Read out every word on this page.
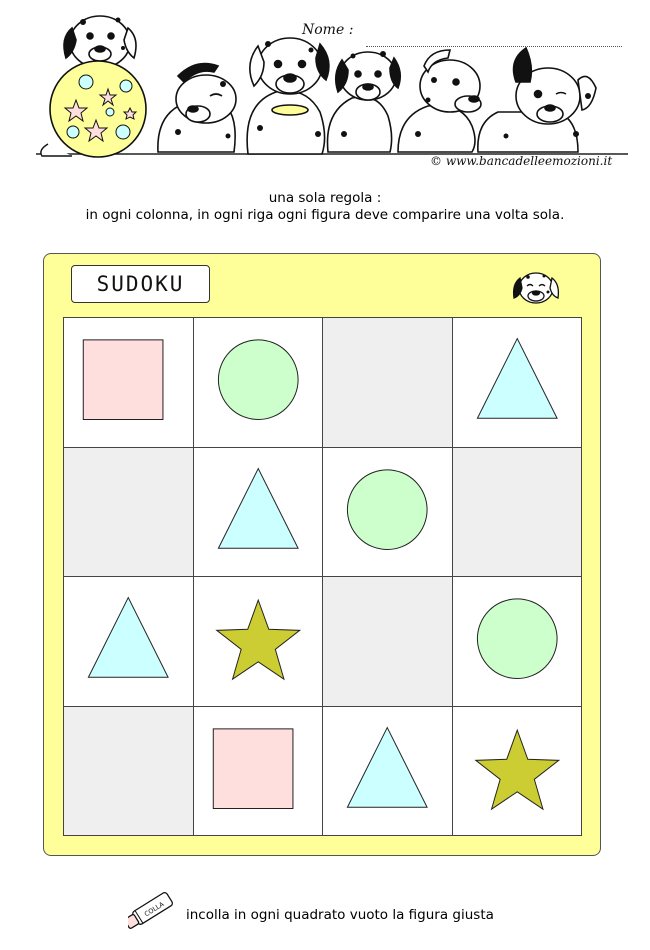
Nome :
© www.bancadelleemozioni.it
una sola regola :
in ogni colonna, in ogni riga ogni figura deve comparire una volta sola.
SUDOKU
COLLA incolla in ogni quadrato vuoto la figura giusta
